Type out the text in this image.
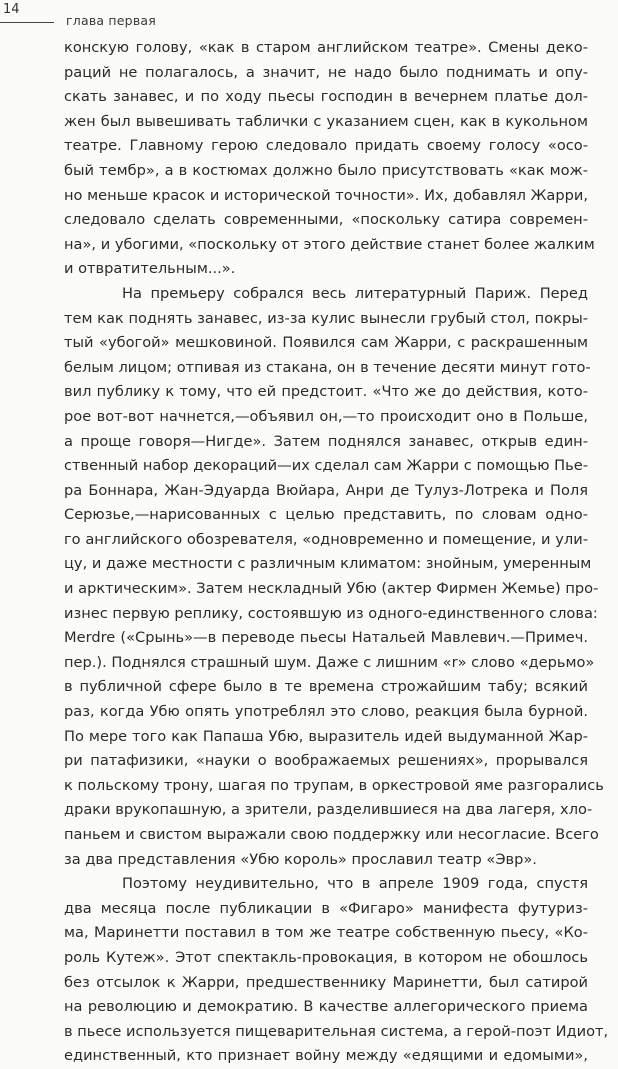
14
глава первая
конскую голову, «как в старом английском театре». Смены деко-
раций не полагалось, а значит, не надо было поднимать и опу-
скать занавес, и по ходу пьесы господин в вечернем платье дол-
жен был вывешивать таблички с указанием сцен, как в кукольном
театре. Главному герою следовало придать своему голосу «осо-
бый тембр», а в костюмах должно было присутствовать «как мож-
но меньше красок и исторической точности». Их, добавлял Жарри,
следовало сделать современными, «поскольку сатира современ-
на», и убогими, «поскольку от этого действие станет более жалким
и отвратительным...».
На премьеру собрался весь литературный Париж. Перед
тем как поднять занавес, из-за кулис вынесли грубый стол, покры-
тый «убогой» мешковиной. Появился сам Жарри, с раскрашенным
белым лицом; отпивая из стакана, он в течение десяти минут гото-
вил публику к тому, что ей предстоит. «Что же до действия, кото-
рое вот-вот начнется,—объявил он,—то происходит оно в Польше,
а проще говоря—Нигде». Затем поднялся занавес, открыв един-
ственный набор декораций—их сделал сам Жарри с помощью Пье-
ра Боннара, Жан-Эдуарда Вюйара, Анри де Тулуз-Лотрека и Поля
Серюзье,—нарисованных с целью представить, по словам одно-
го английского обозревателя, «одновременно и помещение, и ули-
цу, и даже местности с различным климатом: знойным, умеренным
и арктическим». Затем нескладный Убю (актер Фирмен Жемье) про-
изнес первую реплику, состоявшую из одного-единственного слова:
Merdre («Срынь»—в переводе пьесы Натальей Мавлевич.—Примеч.
пер.). Поднялся страшный шум. Даже с лишним «r» слово «дерьмо»
в публичной сфере было в те времена строжайшим табу; всякий
раз, когда Убю опять употреблял это слово, реакция была бурной.
По мере того как Папаша Убю, выразитель идей выдуманной Жар-
ри патафизики, «науки о воображаемых решениях», прорывался
к польскому трону, шагая по трупам, в оркестровой яме разгорались
драки врукопашную, а зрители, разделившиеся на два лагеря, хло-
паньем и свистом выражали свою поддержку или несогласие. Всего
за два представления «Убю король» прославил театр «Эвр».
Поэтому неудивительно, что в апреле 1909 года, спустя
два месяца после публикации в «Фигаро» манифеста футуриз-
ма, Маринетти поставил в том же театре собственную пьесу, «Ко-
роль Кутеж». Этот спектакль-провокация, в котором не обошлось
без отсылок к Жарри, предшественнику Маринетти, был сатирой
на революцию и демократию. В качестве аллегорического приема
в пьесе используется пищеварительная система, а герой-поэт Идиот,
единственный, кто признает войну между «едящими и едомыми»,
